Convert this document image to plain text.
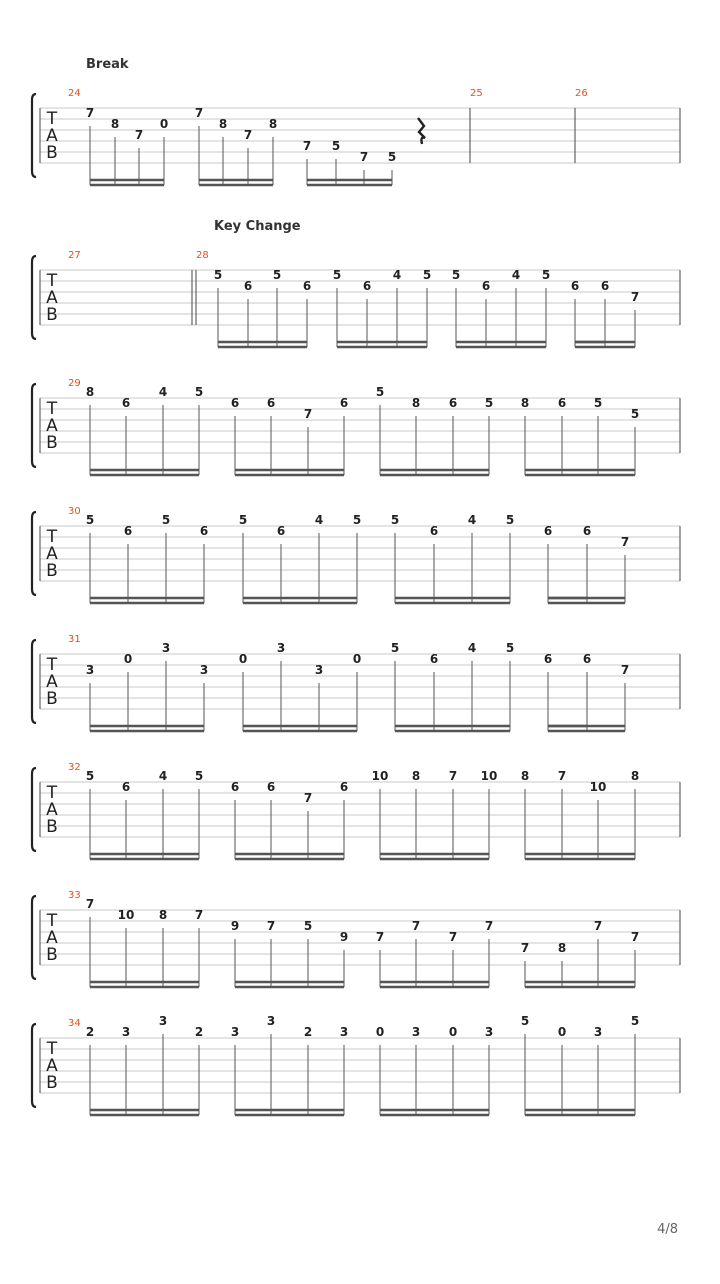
Break
T
A
B
24
7
8
7
0
7
8
7
8
7 5
7 5
25	26
Key Change
T
A
B
27	28
5
6
5
6
5
6
4 5 5
6
4 5
6 6
7
T
A
B
29
8
6
4 5
6 6
7
6
5
8 6 5 8 6 5
5
T
A
B
30
5
6
5
6
5
6
4 5 5
6
4 5
6	6
7
T
A
B
31
3
0
3
3
0
3
3
0
5
6
4 5
6	6
7
T
A
B
32
5
6
4 5
6 6
7
6
10 8 7 10 8 7
10
8
T
A
B
33
7
10 8 7
9 7 5
9 7
7
7
7
7 8
7
7
T
A
B
34
2 3
3
2 3
3
2 3 0 3 0 3
5
0 3
5
4/8
